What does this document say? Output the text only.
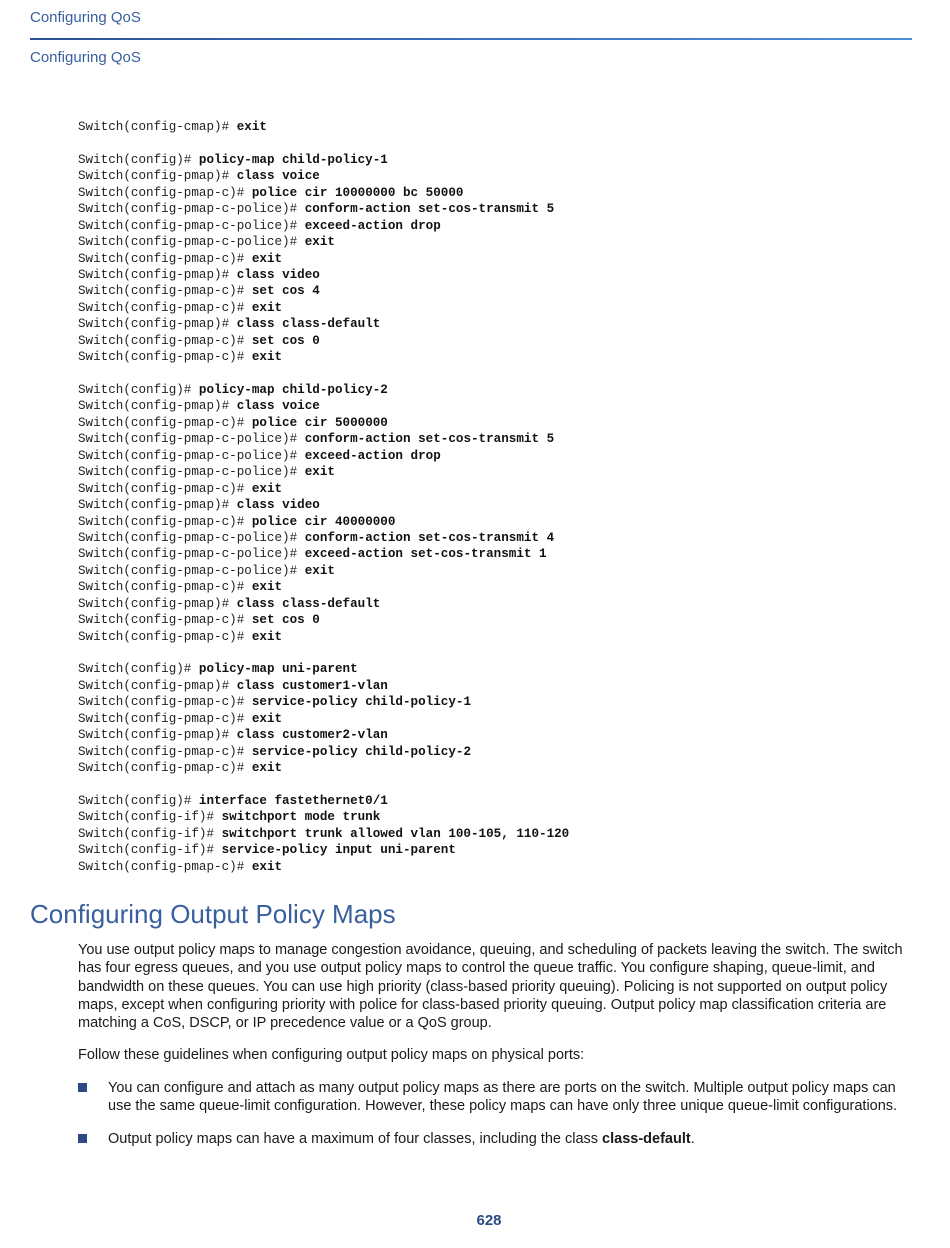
Configuring QoS
Configuring QoS
Switch(config-cmap)# exit
Switch(config)# policy-map child-policy-1
Switch(config-pmap)# class voice
Switch(config-pmap-c)# police cir 10000000 bc 50000
Switch(config-pmap-c-police)# conform-action set-cos-transmit 5
Switch(config-pmap-c-police)# exceed-action drop
Switch(config-pmap-c-police)# exit
Switch(config-pmap-c)# exit
Switch(config-pmap)# class video
Switch(config-pmap-c)# set cos 4
Switch(config-pmap-c)# exit
Switch(config-pmap)# class class-default
Switch(config-pmap-c)# set cos 0
Switch(config-pmap-c)# exit
Switch(config)# policy-map child-policy-2
Switch(config-pmap)# class voice
Switch(config-pmap-c)# police cir 5000000
Switch(config-pmap-c-police)# conform-action set-cos-transmit 5
Switch(config-pmap-c-police)# exceed-action drop
Switch(config-pmap-c-police)# exit
Switch(config-pmap-c)# exit
Switch(config-pmap)# class video
Switch(config-pmap-c)# police cir 40000000
Switch(config-pmap-c-police)# conform-action set-cos-transmit 4
Switch(config-pmap-c-police)# exceed-action set-cos-transmit 1
Switch(config-pmap-c-police)# exit
Switch(config-pmap-c)# exit
Switch(config-pmap)# class class-default
Switch(config-pmap-c)# set cos 0
Switch(config-pmap-c)# exit
Switch(config)# policy-map uni-parent
Switch(config-pmap)# class customer1-vlan
Switch(config-pmap-c)# service-policy child-policy-1
Switch(config-pmap-c)# exit
Switch(config-pmap)# class customer2-vlan
Switch(config-pmap-c)# service-policy child-policy-2
Switch(config-pmap-c)# exit
Switch(config)# interface fastethernet0/1
Switch(config-if)# switchport mode trunk
Switch(config-if)# switchport trunk allowed vlan 100-105, 110-120
Switch(config-if)# service-policy input uni-parent
Switch(config-pmap-c)# exit
Configuring Output Policy Maps

You use output policy maps to manage congestion avoidance, queuing, and scheduling of packets leaving the switch. The switch has four egress queues, and you use output policy maps to control the queue traffic. You configure shaping, queue-limit, and bandwidth on these queues. You can use high priority (class-based priority queuing). Policing is not supported on output policy maps, except when configuring priority with police for class-based priority queuing. Output policy map classification criteria are matching a CoS, DSCP, or IP precedence value or a QoS group.

Follow these guidelines when configuring output policy maps on physical ports:

You can configure and attach as many output policy maps as there are ports on the switch. Multiple output policy maps can use the same queue-limit configuration. However, these policy maps can have only three unique queue-limit configurations.
Output policy maps can have a maximum of four classes, including the class class-default.
628
